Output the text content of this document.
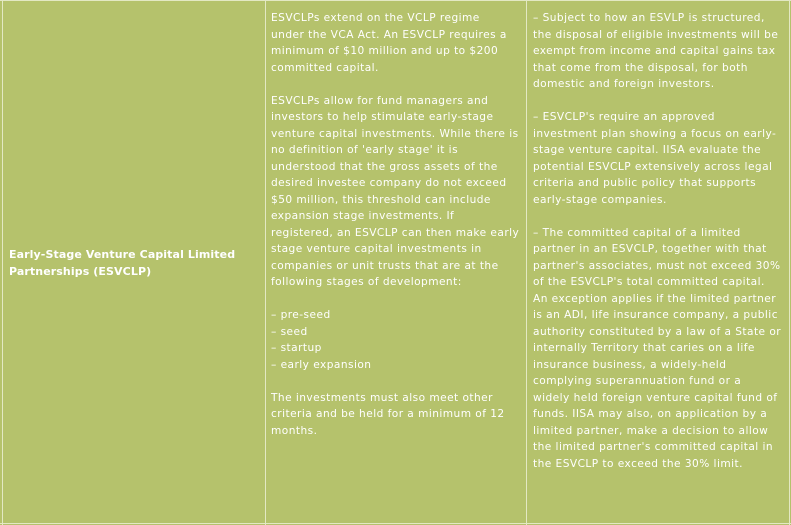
Early-Stage Venture Capital Limited
Partnerships (ESVCLP)
ESVCLPs extend on the VCLP regime
under the VCA Act. An ESVCLP requires a
minimum of $10 million and up to $200
committed capital.
ESVCLPs allow for fund managers and
investors to help stimulate early-stage
venture capital investments. While there is
no definition of 'early stage' it is
understood that the gross assets of the
desired investee company do not exceed
$50 million, this threshold can include
expansion stage investments. If
registered, an ESVCLP can then make early
stage venture capital investments in
companies or unit trusts that are at the
following stages of development:
– pre-seed
– seed
– startup
– early expansion
The investments must also meet other
criteria and be held for a minimum of 12
months.
– Subject to how an ESVLP is structured,
the disposal of eligible investments will be
exempt from income and capital gains tax
that come from the disposal, for both
domestic and foreign investors.
– ESVCLP's require an approved
investment plan showing a focus on early-
stage venture capital. IISA evaluate the
potential ESVCLP extensively across legal
criteria and public policy that supports
early-stage companies.
– The committed capital of a limited
partner in an ESVCLP, together with that
partner's associates, must not exceed 30%
of the ESVCLP's total committed capital.
An exception applies if the limited partner
is an ADI, life insurance company, a public
authority constituted by a law of a State or
internally Territory that caries on a life
insurance business, a widely-held
complying superannuation fund or a
widely held foreign venture capital fund of
funds. IISA may also, on application by a
limited partner, make a decision to allow
the limited partner's committed capital in
the ESVCLP to exceed the 30% limit.
